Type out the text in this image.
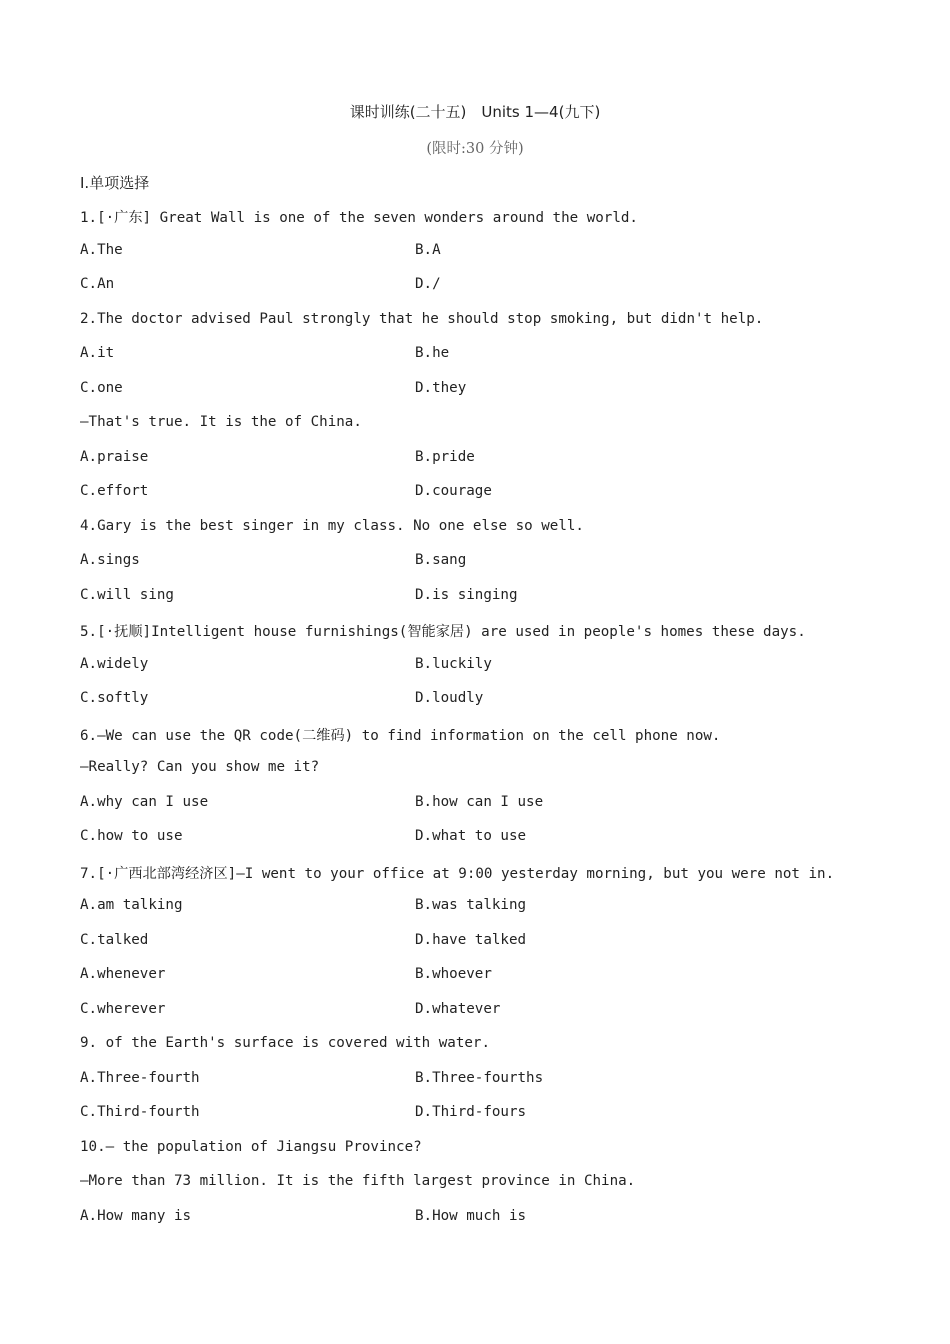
课时训练(二十五)　Units 1—4(九下)
(限时:30 分钟)
Ⅰ.单项选择
1.[·广东] Great Wall is one of the seven wonders around the world.
A.The	B.A
C.An	D./
2.The doctor advised Paul strongly that he should stop smoking, but didn't help.
A.it	B.he
C.one	D.they
—That's true. It is the of China.
A.praise	B.pride
C.effort	D.courage
4.Gary is the best singer in my class. No one else so well.
A.sings	B.sang
C.will sing	D.is singing
5.[·抚顺]Intelligent house furnishings(智能家居) are used in people's homes these days.
A.widely	B.luckily
C.softly	D.loudly
6.—We can use the QR code(二维码) to find information on the cell phone now.
—Really? Can you show me it?
A.why can I use	B.how can I use
C.how to use	D.what to use
7.[·广西北部湾经济区]—I went to your office at 9:00 yesterday morning, but you were not in.
A.am talking	B.was talking
C.talked	D.have talked
A.whenever	B.whoever
C.wherever	D.whatever
9. of the Earth's surface is covered with water.
A.Three-fourth	B.Three-fourths
C.Third-fourth	D.Third-fours
10.— the population of Jiangsu Province?
—More than 73 million. It is the fifth largest province in China.
A.How many is	B.How much is
